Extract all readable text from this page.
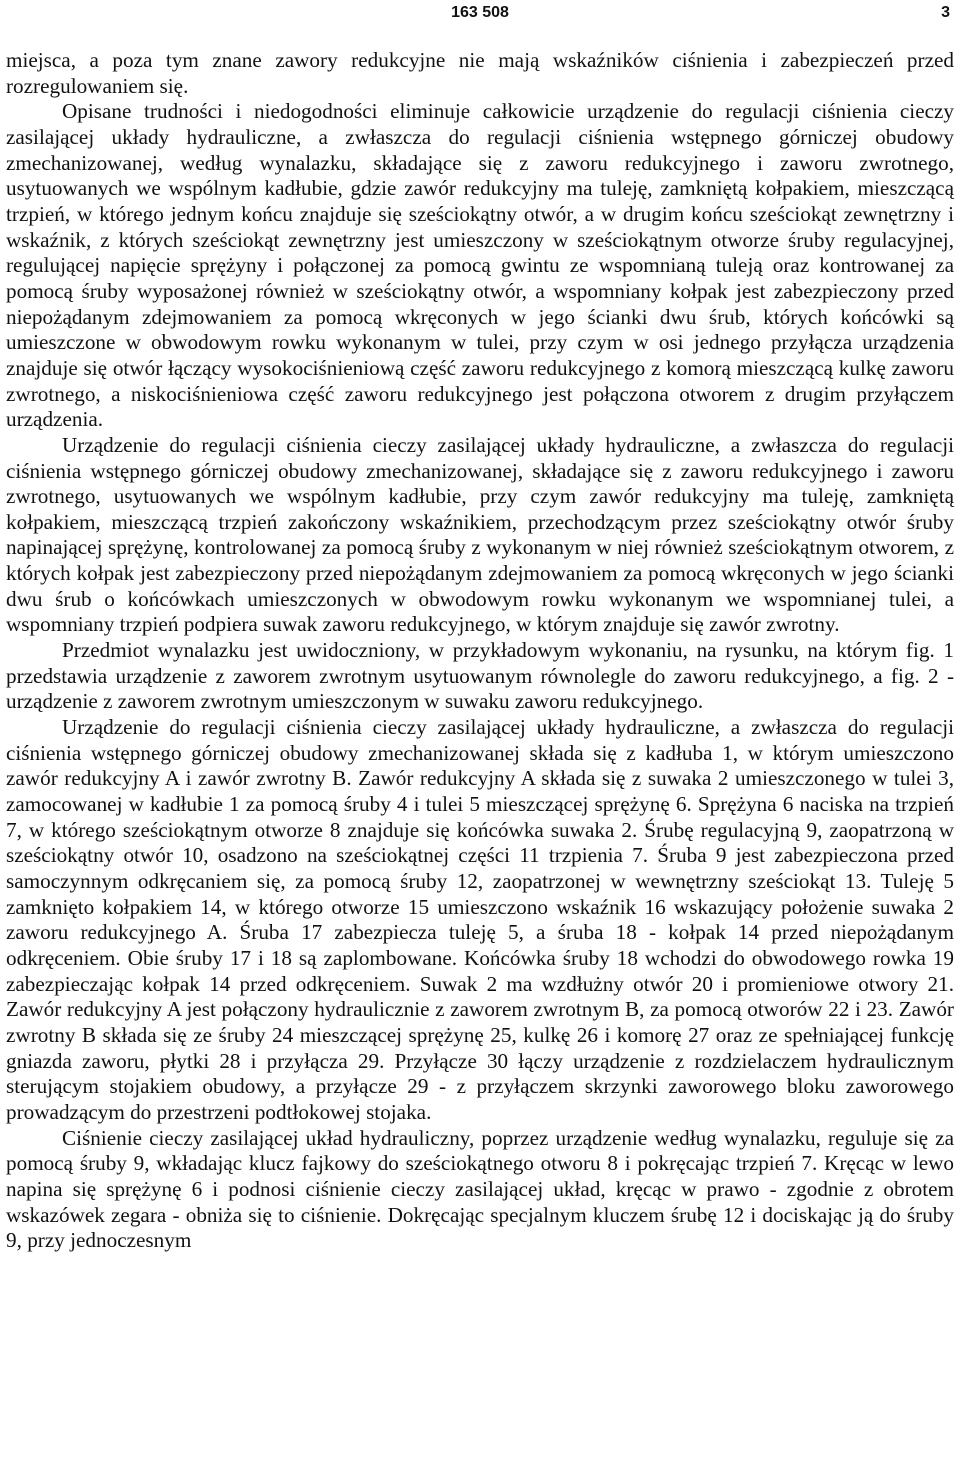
163 508	3

miejsca, a poza tym znane zawory redukcyjne nie mają wskaźników ciśnienia i zabezpieczeń przed rozregulowaniem się.

Opisane trudności i niedogodności eliminuje całkowicie urządzenie do regulacji ciśnienia cieczy zasilającej układy hydrauliczne, a zwłaszcza do regulacji ciśnienia wstępnego górniczej obudowy zmechanizowanej, według wynalazku, składające się z zaworu redukcyjnego i zaworu zwrotnego, usytuowanych we wspólnym kadłubie, gdzie zawór redukcyjny ma tuleję, zamkniętą kołpakiem, mieszczącą trzpień, w którego jednym końcu znajduje się sześciokątny otwór, a w drugim końcu sześciokąt zewnętrzny i wskaźnik, z których sześciokąt zewnętrzny jest umieszczony w sześciokątnym otworze śruby regulacyjnej, regulującej napięcie sprężyny i połączonej za pomocą gwintu ze wspomnianą tuleją oraz kontrowanej za pomocą śruby wyposażonej również w sześciokątny otwór, a wspomniany kołpak jest zabezpieczony przed niepożądanym zdejmowaniem za pomocą wkręconych w jego ścianki dwu śrub, których końcówki są umieszczone w obwodowym rowku wykonanym w tulei, przy czym w osi jednego przyłącza urządzenia znajduje się otwór łączący wysokociśnieniową część zaworu redukcyjnego z komorą mieszczącą kulkę zaworu zwrotnego, a niskociśnieniowa część zaworu redukcyjnego jest połączona otworem z drugim przyłączem urządzenia.

Urządzenie do regulacji ciśnienia cieczy zasilającej układy hydrauliczne, a zwłaszcza do regulacji ciśnienia wstępnego górniczej obudowy zmechanizowanej, składające się z zaworu redukcyjnego i zaworu zwrotnego, usytuowanych we wspólnym kadłubie, przy czym zawór redukcyjny ma tuleję, zamkniętą kołpakiem, mieszczącą trzpień zakończony wskaźnikiem, przechodzącym przez sześciokątny otwór śruby napinającej sprężynę, kontrolowanej za pomocą śruby z wykonanym w niej również sześciokątnym otworem, z których kołpak jest zabezpieczony przed niepożądanym zdejmowaniem za pomocą wkręconych w jego ścianki dwu śrub o końcówkach umieszczonych w obwodowym rowku wykonanym we wspomnianej tulei, a wspomniany trzpień podpiera suwak zaworu redukcyjnego, w którym znajduje się zawór zwrotny.

Przedmiot wynalazku jest uwidoczniony, w przykładowym wykonaniu, na rysunku, na którym fig. 1 przedstawia urządzenie z zaworem zwrotnym usytuowanym równolegle do zaworu redukcyjnego, a fig. 2 - urządzenie z zaworem zwrotnym umieszczonym w suwaku zaworu redukcyjnego.

Urządzenie do regulacji ciśnienia cieczy zasilającej układy hydrauliczne, a zwłaszcza do regulacji ciśnienia wstępnego górniczej obudowy zmechanizowanej składa się z kadłuba 1, w którym umieszczono zawór redukcyjny A i zawór zwrotny B. Zawór redukcyjny A składa się z suwaka 2 umieszczonego w tulei 3, zamocowanej w kadłubie 1 za pomocą śruby 4 i tulei 5 mieszczącej sprężynę 6. Sprężyna 6 naciska na trzpień 7, w którego sześciokątnym otworze 8 znajduje się końcówka suwaka 2. Śrubę regulacyjną 9, zaopatrzoną w sześciokątny otwór 10, osadzono na sześciokątnej części 11 trzpienia 7. Śruba 9 jest zabezpieczona przed samoczynnym odkręcaniem się, za pomocą śruby 12, zaopatrzonej w wewnętrzny sześciokąt 13. Tuleję 5 zamknięto kołpakiem 14, w którego otworze 15 umieszczono wskaźnik 16 wskazujący położenie suwaka 2 zaworu redukcyjnego A. Śruba 17 zabezpiecza tuleję 5, a śruba 18 - kołpak 14 przed niepożądanym odkręceniem. Obie śruby 17 i 18 są zaplombowane. Końcówka śruby 18 wchodzi do obwodowego rowka 19 zabezpieczając kołpak 14 przed odkręceniem. Suwak 2 ma wzdłużny otwór 20 i promieniowe otwory 21. Zawór redukcyjny A jest połączony hydraulicznie z zaworem zwrotnym B, za pomocą otworów 22 i 23. Zawór zwrotny B składa się ze śruby 24 mieszczącej sprężynę 25, kulkę 26 i komorę 27 oraz ze spełniającej funkcję gniazda zaworu, płytki 28 i przyłącza 29. Przyłącze 30 łączy urządzenie z rozdzielaczem hydraulicznym sterującym stojakiem obudowy, a przyłącze 29 - z przyłączem skrzynki zaworowego bloku zaworowego prowadzącym do przestrzeni podtłokowej stojaka.

Ciśnienie cieczy zasilającej układ hydrauliczny, poprzez urządzenie według wynalazku, reguluje się za pomocą śruby 9, wkładając klucz fajkowy do sześciokątnego otworu 8 i pokręcając trzpień 7. Kręcąc w lewo napina się sprężynę 6 i podnosi ciśnienie cieczy zasilającej układ, kręcąc w prawo - zgodnie z obrotem wskazówek zegara - obniża się to ciśnienie. Dokręcając specjalnym kluczem śrubę 12 i dociskając ją do śruby 9, przy jednoczesnym
